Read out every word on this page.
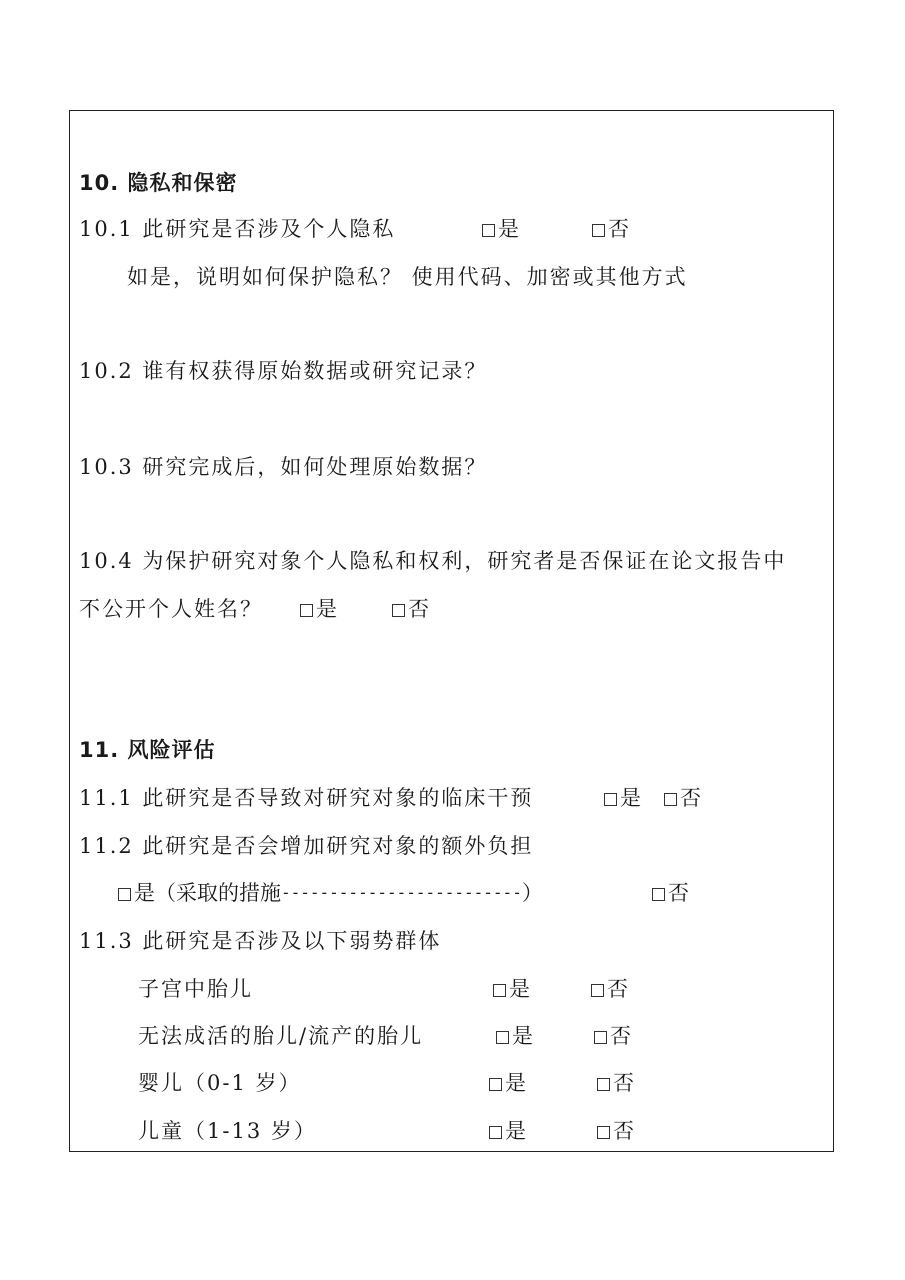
10. 隐私和保密
10.1 此研究是否涉及个人隐私	是	否
如是，说明如何保护隐私？ 使用代码、加密或其他方式
10.2 谁有权获得原始数据或研究记录？
10.3 研究完成后，如何处理原始数据？
10.4 为保护研究对象个人隐私和权利，研究者是否保证在论文报告中
不公开个人姓名？	是	否
11. 风险评估
11.1 此研究是否导致对研究对象的临床干预	是 否
11.2 此研究是否会增加研究对象的额外负担
是（采取的措施 ------------------------- ）	否
11.3 此研究是否涉及以下弱势群体
子宫中胎儿	是	否
无法成活的胎儿/流产的胎儿	是	否
婴儿（0-1 岁）	是	否
儿童（1-13 岁）	是	否
